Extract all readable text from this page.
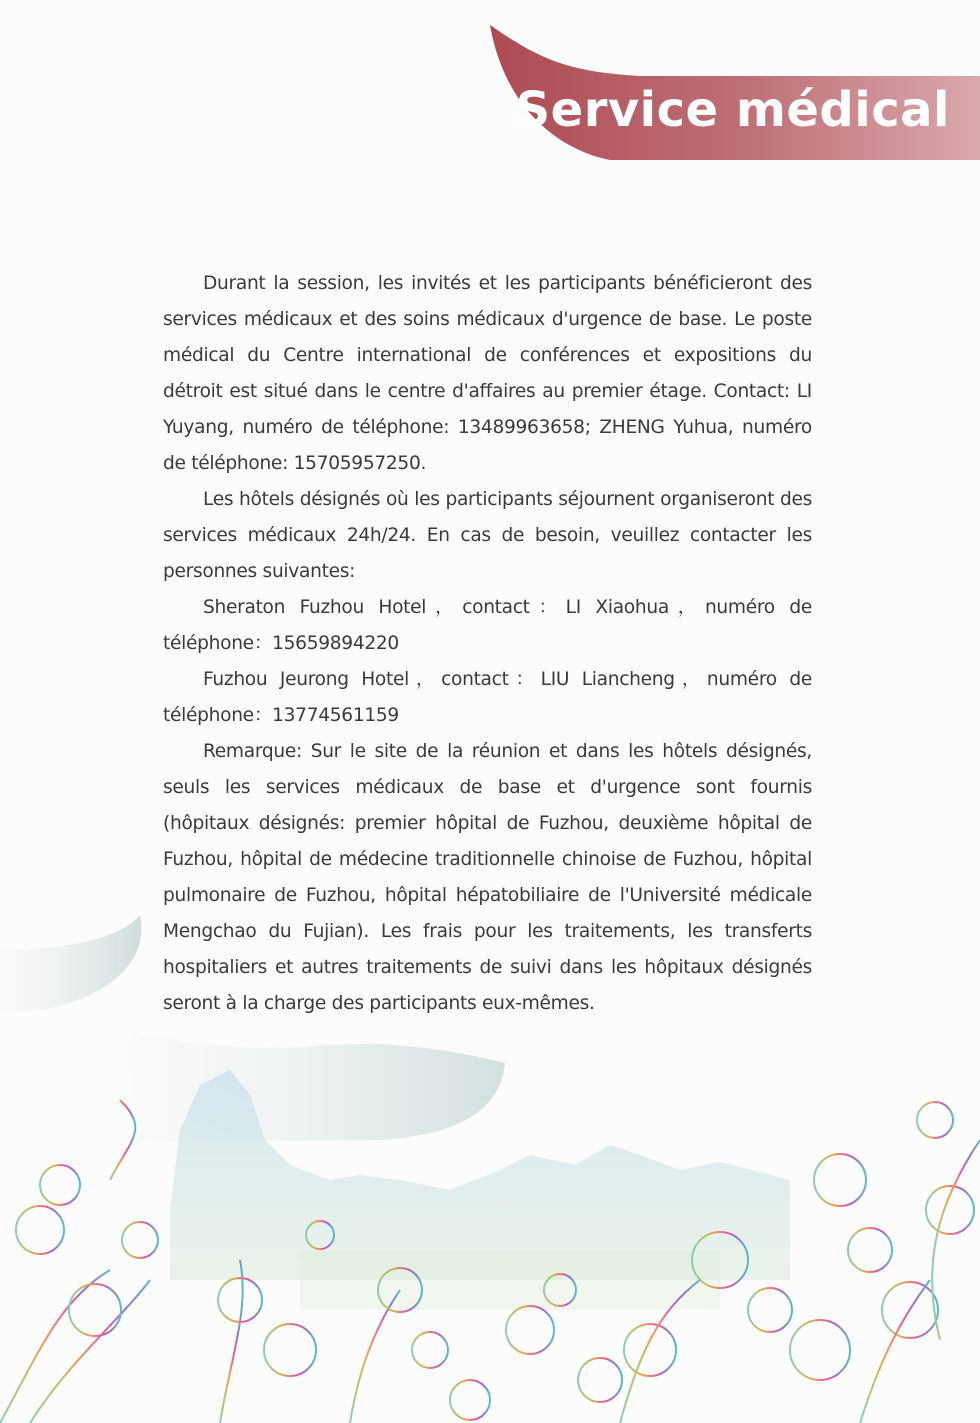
Service médical

Durant la session, les invités et les participants bénéficieront des services médicaux et des soins médicaux d'urgence de base. Le poste médical du Centre international de conférences et expositions du détroit est situé dans le centre d'affaires au premier étage. Contact: LI Yuyang, numéro de téléphone: 13489963658; ZHENG Yuhua, numéro de téléphone: 15705957250.

Les hôtels désignés où les participants séjournent organiseront des services médicaux 24h/24. En cas de besoin, veuillez contacter les personnes suivantes:

Sheraton Fuzhou Hotel，contact：LI Xiaohua，numéro de téléphone：15659894220

Fuzhou Jeurong Hotel，contact：LIU Liancheng，numéro de téléphone：13774561159

Remarque: Sur le site de la réunion et dans les hôtels désignés, seuls les services médicaux de base et d'urgence sont fournis (hôpitaux désignés: premier hôpital de Fuzhou, deuxième hôpital de Fuzhou, hôpital de médecine traditionnelle chinoise de Fuzhou, hôpital pulmonaire de Fuzhou, hôpital hépatobiliaire de l'Université médicale Mengchao du Fujian). Les frais pour les traitements, les transferts hospitaliers et autres traitements de suivi dans les hôpitaux désignés seront à la charge des participants eux-mêmes.
